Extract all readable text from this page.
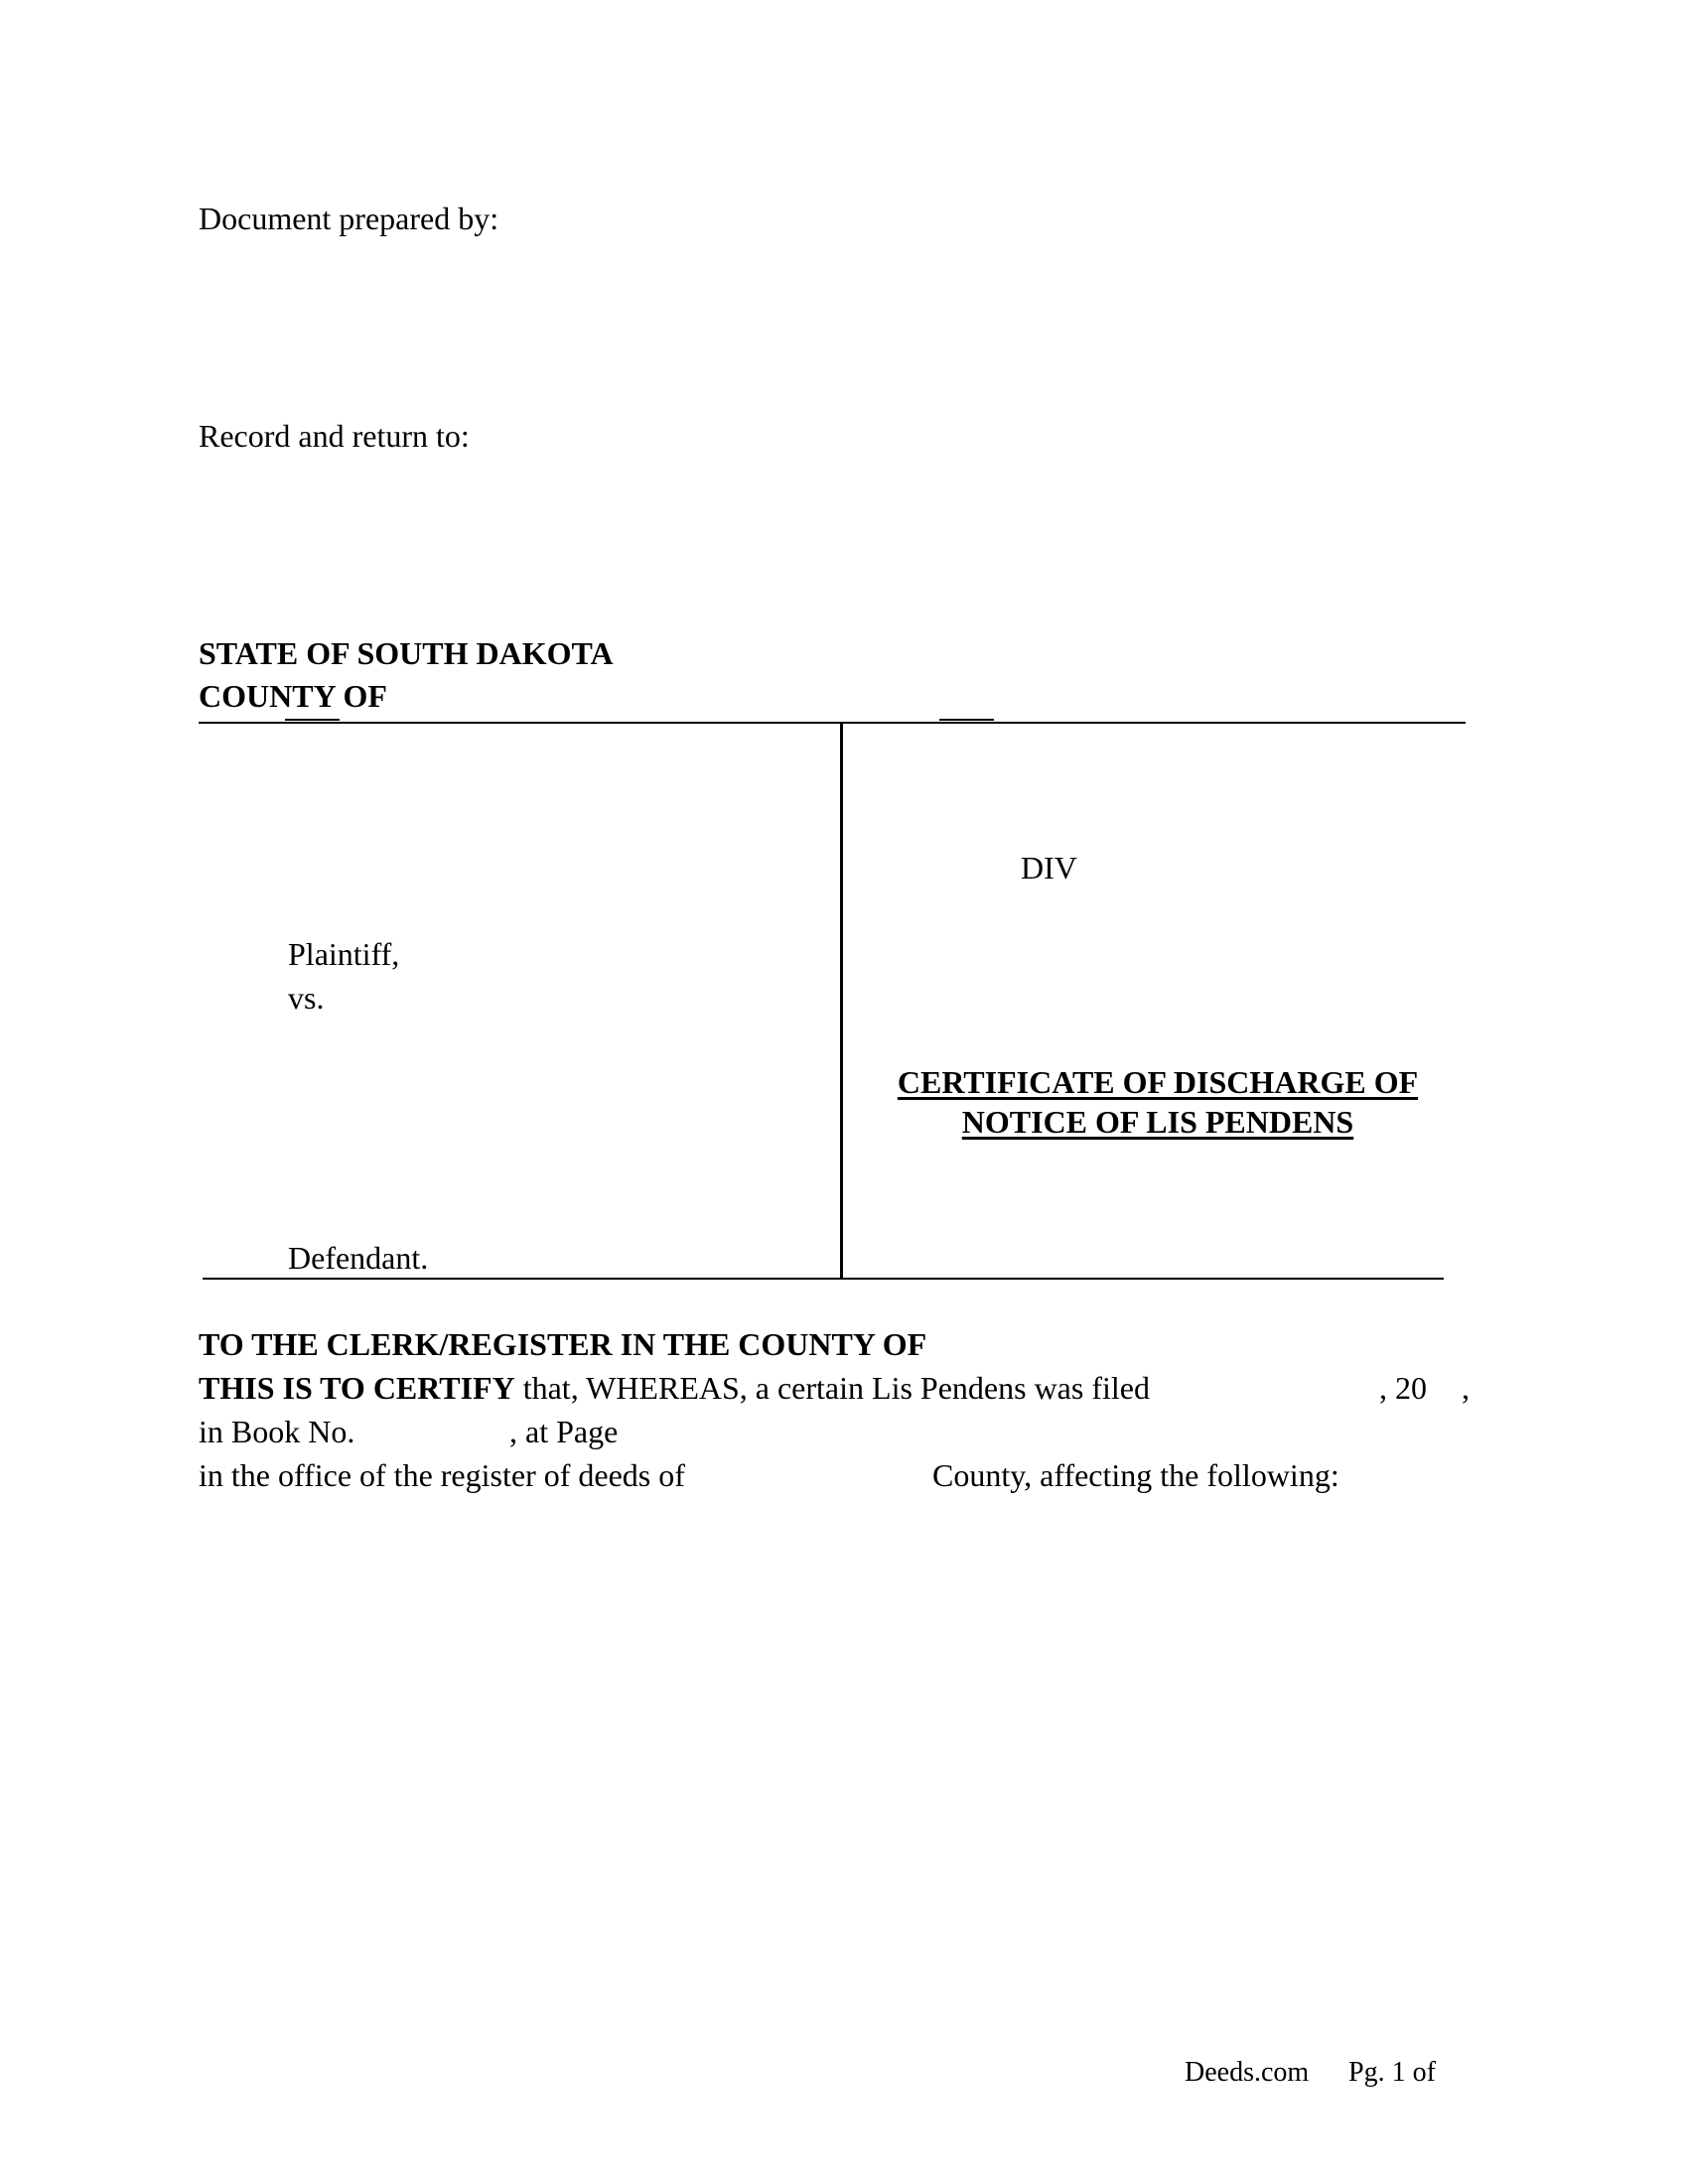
Document prepared by:
Record and return to:
STATE OF SOUTH DAKOTA
COUNTY OF
Plaintiff,
vs.
Defendant.
DIV
CERTIFICATE OF DISCHARGE OF
NOTICE OF LIS PENDENS
TO THE CLERK/REGISTER IN THE COUNTY OF
THIS IS TO CERTIFY that, WHEREAS, a certain Lis Pendens was filed	, 20 ,
in Book No.	, at Page
in the office of the register of deeds of	County, affecting the following:
Deeds.com Pg. 1 of
